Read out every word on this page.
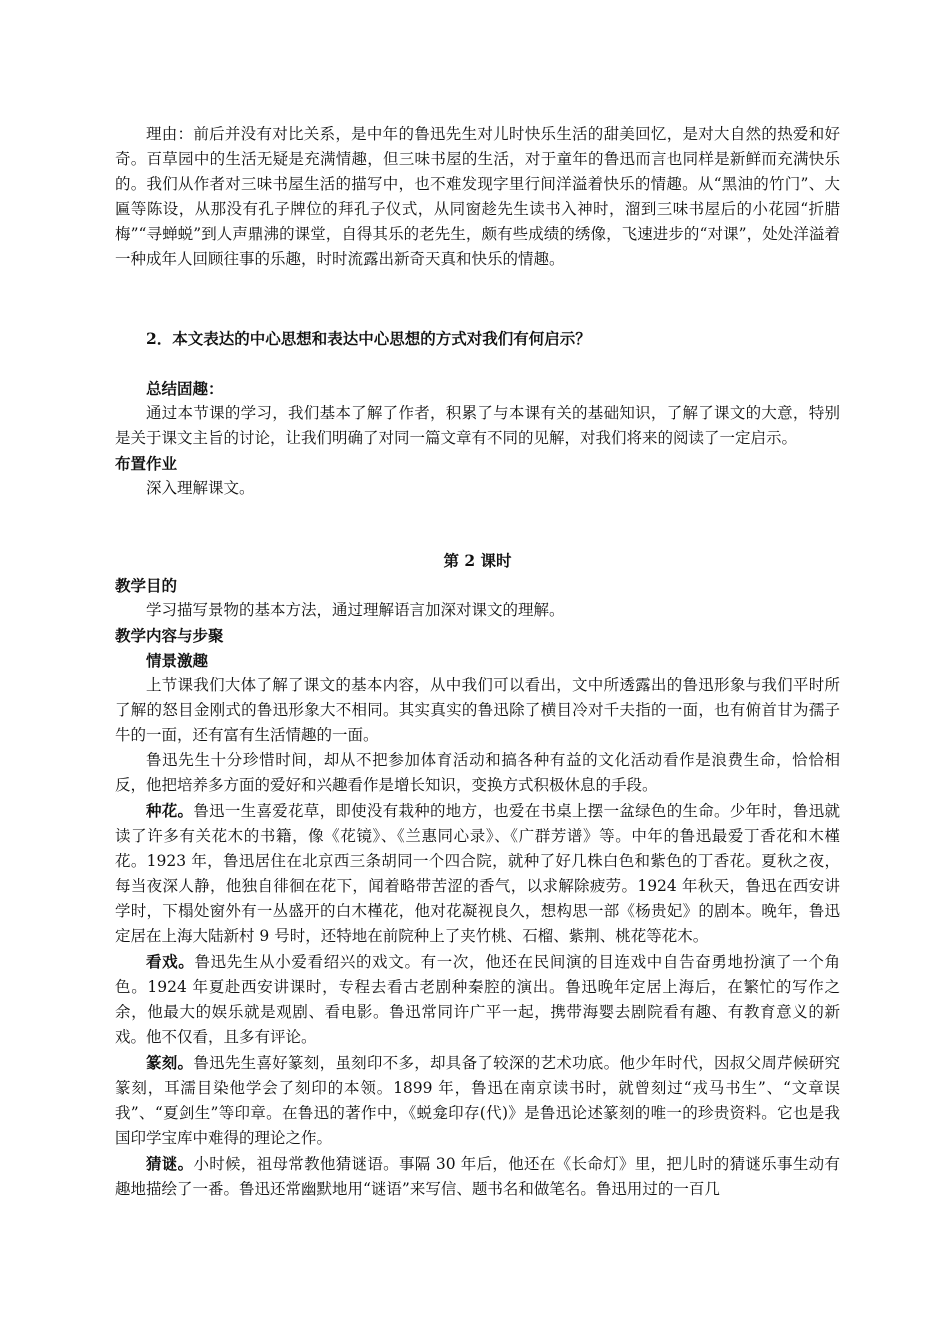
理由：前后并没有对比关系，是中年的鲁迅先生对儿时快乐生活的甜美回忆，是对大自然的热爱和好奇。百草园中的生活无疑是充满情趣，但三味书屋的生活，对于童年的鲁迅而言也同样是新鲜而充满快乐的。我们从作者对三味书屋生活的描写中，也不难发现字里行间洋溢着快乐的情趣。从“黑油的竹门”、大匾等陈设，从那没有孔子牌位的拜孔子仪式，从同窗趁先生读书入神时，溜到三味书屋后的小花园“折腊梅”“寻蝉蜕”到人声鼎沸的课堂，自得其乐的老先生，颇有些成绩的绣像，飞速进步的“对课”，处处洋溢着一种成年人回顾往事的乐趣，时时流露出新奇天真和快乐的情趣。

2．本文表达的中心思想和表达中心思想的方式对我们有何启示？

总结固趣：

通过本节课的学习，我们基本了解了作者，积累了与本课有关的基础知识，了解了课文的大意，特别是关于课文主旨的讨论，让我们明确了对同一篇文章有不同的见解，对我们将来的阅读了一定启示。

布置作业

深入理解课文。

第 2 课时

教学目的

学习描写景物的基本方法，通过理解语言加深对课文的理解。

教学内容与步聚

情景激趣

上节课我们大体了解了课文的基本内容，从中我们可以看出，文中所透露出的鲁迅形象与我们平时所了解的怒目金刚式的鲁迅形象大不相同。其实真实的鲁迅除了横目冷对千夫指的一面，也有俯首甘为孺子牛的一面，还有富有生活情趣的一面。

鲁迅先生十分珍惜时间，却从不把参加体育活动和搞各种有益的文化活动看作是浪费生命，恰恰相反，他把培养多方面的爱好和兴趣看作是增长知识，变换方式积极休息的手段。

种花。鲁迅一生喜爱花草，即使没有栽种的地方，也爱在书桌上摆一盆绿色的生命。少年时，鲁迅就读了许多有关花木的书籍，像《花镜》、《兰惠同心录》、《广群芳谱》等。中年的鲁迅最爱丁香花和木槿花。1923 年，鲁迅居住在北京西三条胡同一个四合院，就种了好几株白色和紫色的丁香花。夏秋之夜，每当夜深人静，他独自徘徊在花下，闻着略带苦涩的香气，以求解除疲劳。1924 年秋天，鲁迅在西安讲学时，下榻处窗外有一丛盛开的白木槿花，他对花凝视良久，想构思一部《杨贵妃》的剧本。晚年，鲁迅定居在上海大陆新村 9 号时，还特地在前院种上了夹竹桃、石榴、紫荆、桃花等花木。

看戏。鲁迅先生从小爱看绍兴的戏文。有一次，他还在民间演的目连戏中自告奋勇地扮演了一个角色。1924 年夏赴西安讲课时，专程去看古老剧种秦腔的演出。鲁迅晚年定居上海后，在繁忙的写作之余，他最大的娱乐就是观剧、看电影。鲁迅常同许广平一起，携带海婴去剧院看有趣、有教育意义的新戏。他不仅看，且多有评论。

篆刻。鲁迅先生喜好篆刻，虽刻印不多，却具备了较深的艺术功底。他少年时代，因叔父周芹候研究篆刻，耳濡目染他学会了刻印的本领。1899 年，鲁迅在南京读书时，就曾刻过“戎马书生”、“文章误我”、“夏剑生”等印章。在鲁迅的著作中，《蜕龛印存(代)》是鲁迅论述篆刻的唯一的珍贵资料。它也是我国印学宝库中难得的理论之作。

猜谜。小时候，祖母常教他猜谜语。事隔 30 年后，他还在《长命灯》里，把儿时的猜谜乐事生动有趣地描绘了一番。鲁迅还常幽默地用“谜语”来写信、题书名和做笔名。鲁迅用过的一百几
